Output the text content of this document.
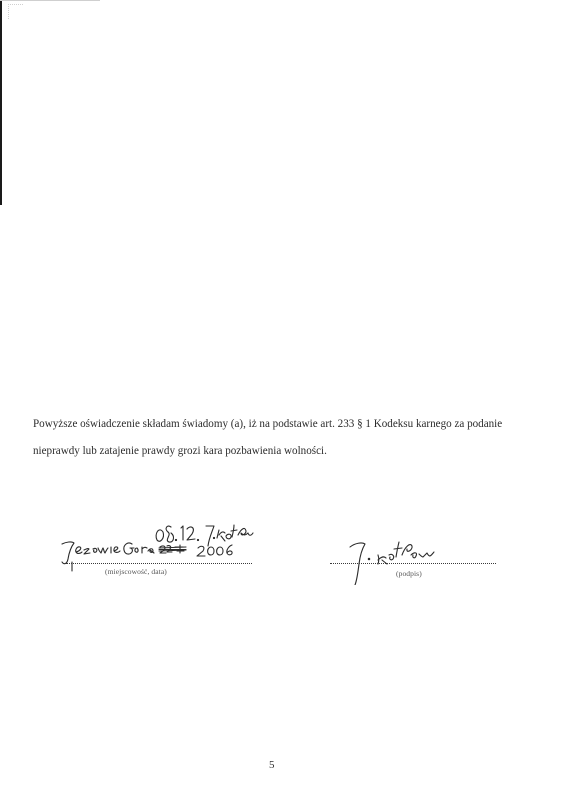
Powyższe oświadczenie składam świadomy (a), iż na podstawie art. 233 § 1 Kodeksu karnego za podanie

nieprawdy lub zatajenie prawdy grozi kara pozbawienia wolności.

(miejscowość, data)	(podpis)
5
